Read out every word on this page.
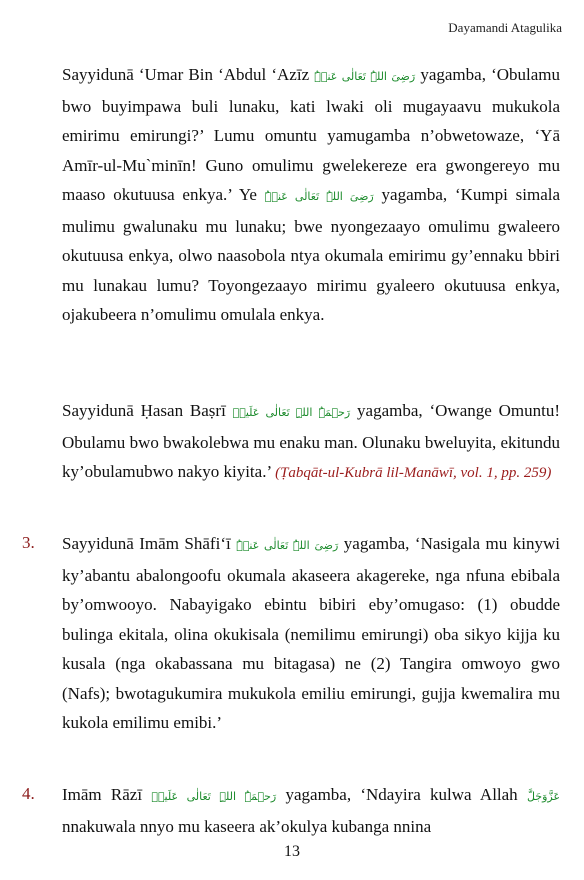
Dayamandi Atagulika

Sayyidunā ‘Umar Bin ‘Abdul ‘Azīz رَضِیَ اللہُ تَعَالٰی عَنۡہُ yagamba, ‘Obulamu bwo buyimpawa buli lunaku, kati lwaki oli mugayaavu mukukola emirimu emirungi?’ Lumu omuntu yamugamba n’obwetowaze, ‘Yā Amīr-ul-Mu`minīn! Guno omulimu gwelekereze era gwongereyo mu maaso okutuusa enkya.’ Ye رَضِیَ اللہُ تَعَالٰی عَنۡہُ yagamba, ‘Kumpi simala mulimu gwalunaku mu lunaku; bwe nyongezaayo omulimu gwaleero okutuusa enkya, olwo naasobola ntya okumala emirimu gy’ennaku bbiri mu lunakau lumu? Toyongezaayo mirimu gyaleero okutuusa enkya, ojakubeera n’omulimu omulala enkya.

Sayyidunā Ḥasan Baṣrī رَحۡمَۃُ اللہِ تَعَالٰی عَلَیۡہ yagamba, ‘Owange Omuntu! Obulamu bwo bwakolebwa mu enaku man. Olunaku bweluyita, ekitundu ky’obulamubwo nakyo kiyita.’ (Ṭabqāt-ul-Kubrā lil-Manāwī, vol. 1, pp. 259)

3. Sayyidunā Imām Shāfi‘ī رَضِیَ اللہُ تَعَالٰی عَنۡہُ yagamba, ‘Nasigala mu kinywi ky’abantu abalongoofu okumala akaseera akagereke, nga nfuna ebibala by’omwooyo. Nabayigako ebintu bibiri eby’omugaso: (1) obudde bulinga ekitala, olina okukisala (nemilimu emirungi) oba sikyo kijja ku kusala (nga okabassana mu bitagasa) ne (2) Tangira omwoyo gwo (Nafs); bwotagukumira mukukola emiliu emirungi, gujja kwemalira mu kukola emilimu emibi.’

4. Imām Rāzī رَحۡمَۃُ اللہِ تَعَالٰی عَلَیۡہ yagamba, ‘Ndayira kulwa Allah عَزَّوَجَلَّ nnakuwala nnyo mu kaseera ak’okulya kubanga nnina

13
